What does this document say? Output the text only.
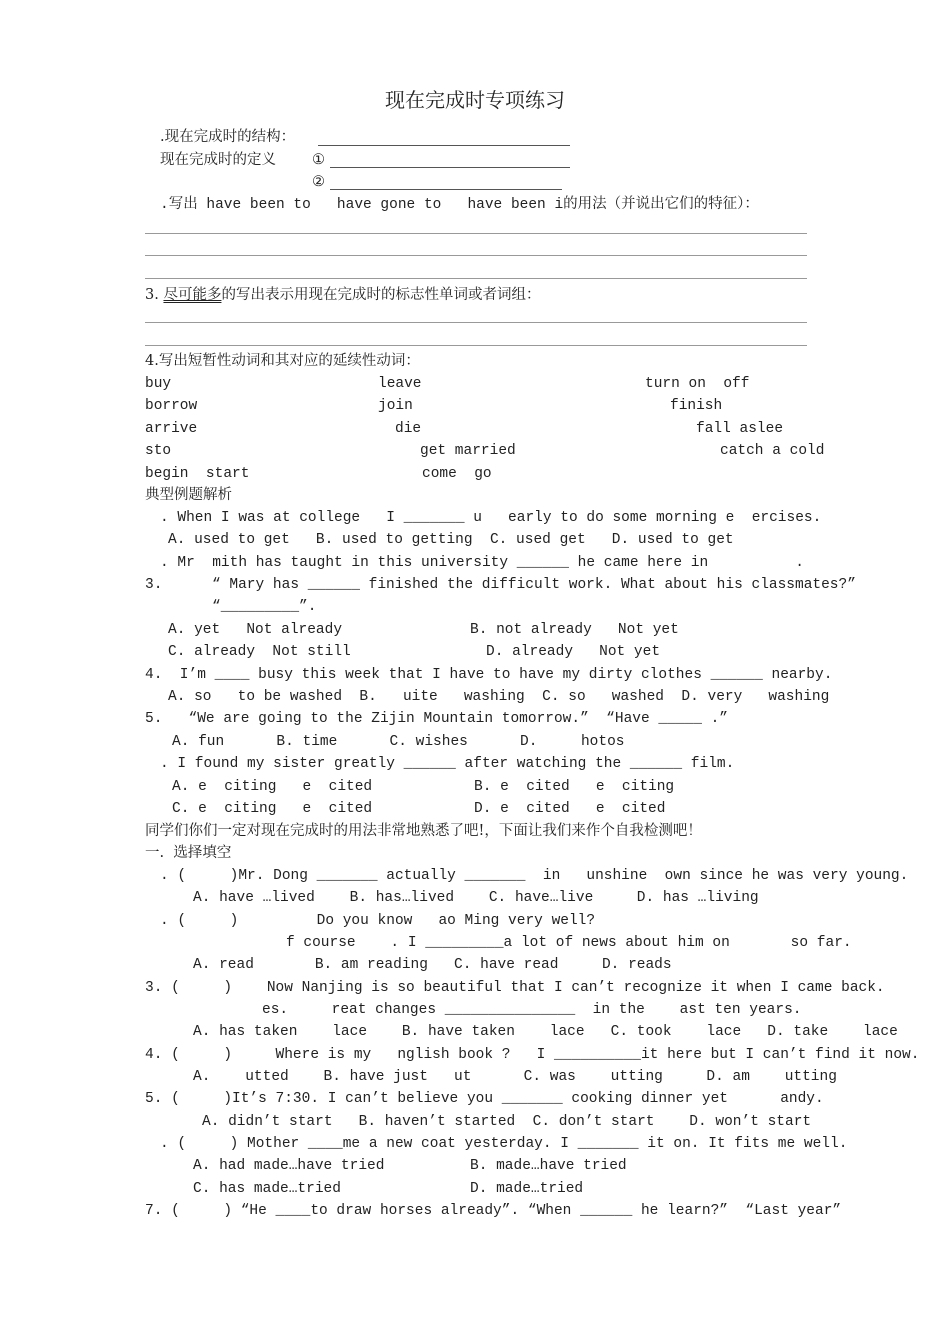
现在完成时专项练习
.现在完成时的结构：
现在完成时的定义 ①
②
.写出 have been to   have gone to   have been i的用法（并说出它们的特征）：
3. 尽可能多的写出表示用现在完成时的标志性单词或者词组：
4.写出短暂性动词和其对应的延续性动词：
buy	leave	turn on  off
borrow	join	finish
arrive	die	fall aslee
sto	get married	catch a cold
begin  start	come  go
典型例题解析
. When I was at college   I _______ u   early to do some morning e  ercises.
A. used to get   B. used to getting  C. used get   D. used to get
. Mr  mith has taught in this university ______ he came here in          .
3.	“ Mary has ______ finished the difficult work. What about his classmates?”
“_________”.
A. yet   Not already	B. not already   Not yet
C. already  Not still	D. already   Not yet
4.  I’m ____ busy this week that I have to have my dirty clothes ______ nearby.
A. so   to be washed  B.   uite   washing  C. so   washed  D. very   washing
5.   “We are going to the Zijin Mountain tomorrow.”  “Have _____ .”
A. fun      B. time      C. wishes      D.     hotos
. I found my sister greatly ______ after watching the ______ film.
A. e  citing   e  cited	B. e  cited   e  citing
C. e  citing   e  cited	D. e  cited   e  cited
同学们你们一定对现在完成时的用法非常地熟悉了吧!，下面让我们来作个自我检测吧！
一.  选择填空
. (     )Mr. Dong _______ actually _______  in   unshine  own since he was very young.
A. have …lived    B. has…lived    C. have…live     D. has …living
. (     )         Do you know   ao Ming very well?
f course    . I _________a lot of news about him on       so far.
A. read       B. am reading   C. have read     D. reads
3. (     )    Now Nanjing is so beautiful that I can’t recognize it when I came back.
es.     reat changes _______________  in the    ast ten years.
A. has taken    lace    B. have taken    lace   C. took    lace   D. take    lace
4. (     )     Where is my   nglish book ?   I __________it here but I can’t find it now.
A.    utted    B. have just   ut      C. was    utting     D. am    utting
5. (     )It’s 7:30. I can’t believe you _______ cooking dinner yet      andy.
A. didn’t start   B. haven’t started  C. don’t start    D. won’t start
. (     ) Mother ____me a new coat yesterday. I _______ it on. It fits me well.
A. had made…have tried	B. made…have tried
C. has made…tried	D. made…tried
7. (     ) “He ____to draw horses already”. “When ______ he learn?”  “Last year”
